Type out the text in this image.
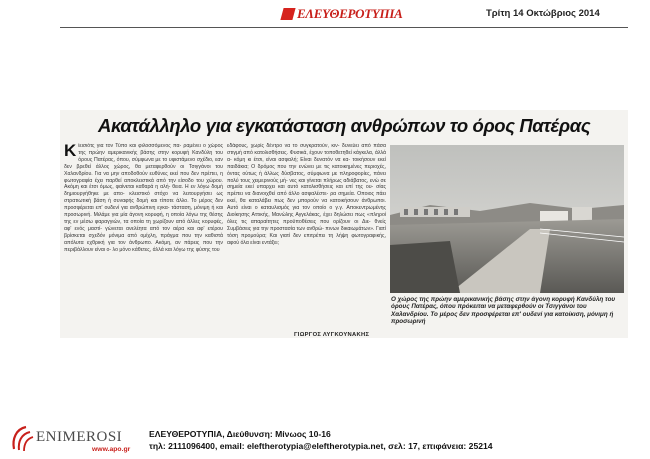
ΕΛΕΥΘΕΡΟΤΥΠΙΑ	Τρίτη 14 Οκτώβριος 2014
Ακατάλληλο για εγκατάσταση ανθρώπων το όρος Πατέρας
Κ ίεισιότς για τον Τύπο και φιλοσσόμενος πα- ραμένει ο χώρος της πρώην αμερικανικής βάσης στην κορυφή Κανδύλη του όρους Πατέρας, όπου, σύμφωνα με το υφιστάμενο σχέδιο, εαν δεν βρεθεί άλλος χώρος, θα μεταφερθούν οι Τσιγγάνοι του Χαλανδρίου. Για να μην αποδοθούν ευθύνες εκεί που δεν πρέπει, η φωτογραφία έχει παρθεί αποκλειστικά από την είσοδο του χώρου. Ακόμη και έτσι όμως, φαίνεται καθαρά η αλή- θεια. Η εν λόγω δομή δημιουργήθηκε με απο- κλειστικό στόχο να λειτουργήσει ως στρατιωτική βάση ή συναφής δομή και τίποτε άλλο. Το μέρος δεν προσφέρεται επ' ουδενί για ανθρώπινη εγκα- τάσταση, μόνιμη ή και προσωρινή. Μιλάμε για μία άγονη κορυφή, η οποία λόγω της θέσης της εν μέσω φαραγγιών, τα οποία τη χωρίζουν από άλλες κορυφές, αφ' ενός μαστί- γώνεται ανελέητα από τον αέρα και αφ' ετέρου βρίσκεται σχεδόν μόνιμα από ομίχλη, πράγμα που την καθιστά απόλυτα εχθρική για τον άνθρωπο. Ακόμη, αν πάρεις που την περιβάλλουν είναι ο- λο μόνο κάθετες, άλλά και λόγω της φύσης του
εδάφους, χωρίς δέντρο να το συγκρατούν, κιν- δυνεύει από πάσα στιγμή από κατολισθήσεις. Φυσικά, έχουν τοποθετηθεί κάγκελα, άλλά α- κόμη κι έτσι, είναι ασφαλή; Είναι δυνατόν να κα- τοικήσουν εκεί παιδάκια; Ο δρόμος που την ενώνει με τις κατοικημένες περιοχές, όντας ούτως ή άλλως δύσβατος, σύμφωνα με πληροφορίες, πάνει πολύ τους χειμερινούς μή- νες και γίνεται πλήρως αδιάβατος, ενώ σε σημεία εκεί υπαρχει και αυτό κατολισθήσεις και επί της ου- σίας πρέπει να διανοιχθεί από άλλο ασφαλέστε- ρα σημεία. Οποιος πάει εκεί, θα καταλάβει πως δεν μπορούν να κατοικήσουν άνθρωποι. Αυτό είναι ο καταυλισμός για τον οποίο ο γ.γ. Αποκεντρωμένης Διοίκησης Αττικής, Μανώλης Αγγελάκας, έχει δηλώσει πως «πληροί όλες τις απαραίτητες προϋποθέσεις που ορίζουν οι Διε- θνείς Συμβάσεις για την προστασία των ανθρώ- πινων δικαιωμάτων». Γιατί τόση προμούρα; Και γιατί δεν επιτρέπει τη λήψη φωτογραφικής, αφού όλα είναι εντάξει;
ΓΙΩΡΓΟΣ ΛΥΓΚΟΥΝΑΚΗΣ
Ο χώρος της πρώην αμερικανικής βάσης στην άγονη κορυφή Κανδύλη του όρους Πατέρας, όπου πρόκειται να μεταφερθούν οι Τσιγγάνοι του Χαλανδρίου. Το μέρος δεν προσφέρεται επ' ουδενί για κατοίκιση, μόνιμη ή προσωρινή
ENIMEROSI
www.apo.gr
ΕΛΕΥΘΕΡΟΤΥΠΙΑ, Διεύθυνση: Μίνωος 10-16
τηλ: 2111096400, email: eleftherotypia@eleftherotypia.net, σελ: 17, επιφάνεια: 25214
